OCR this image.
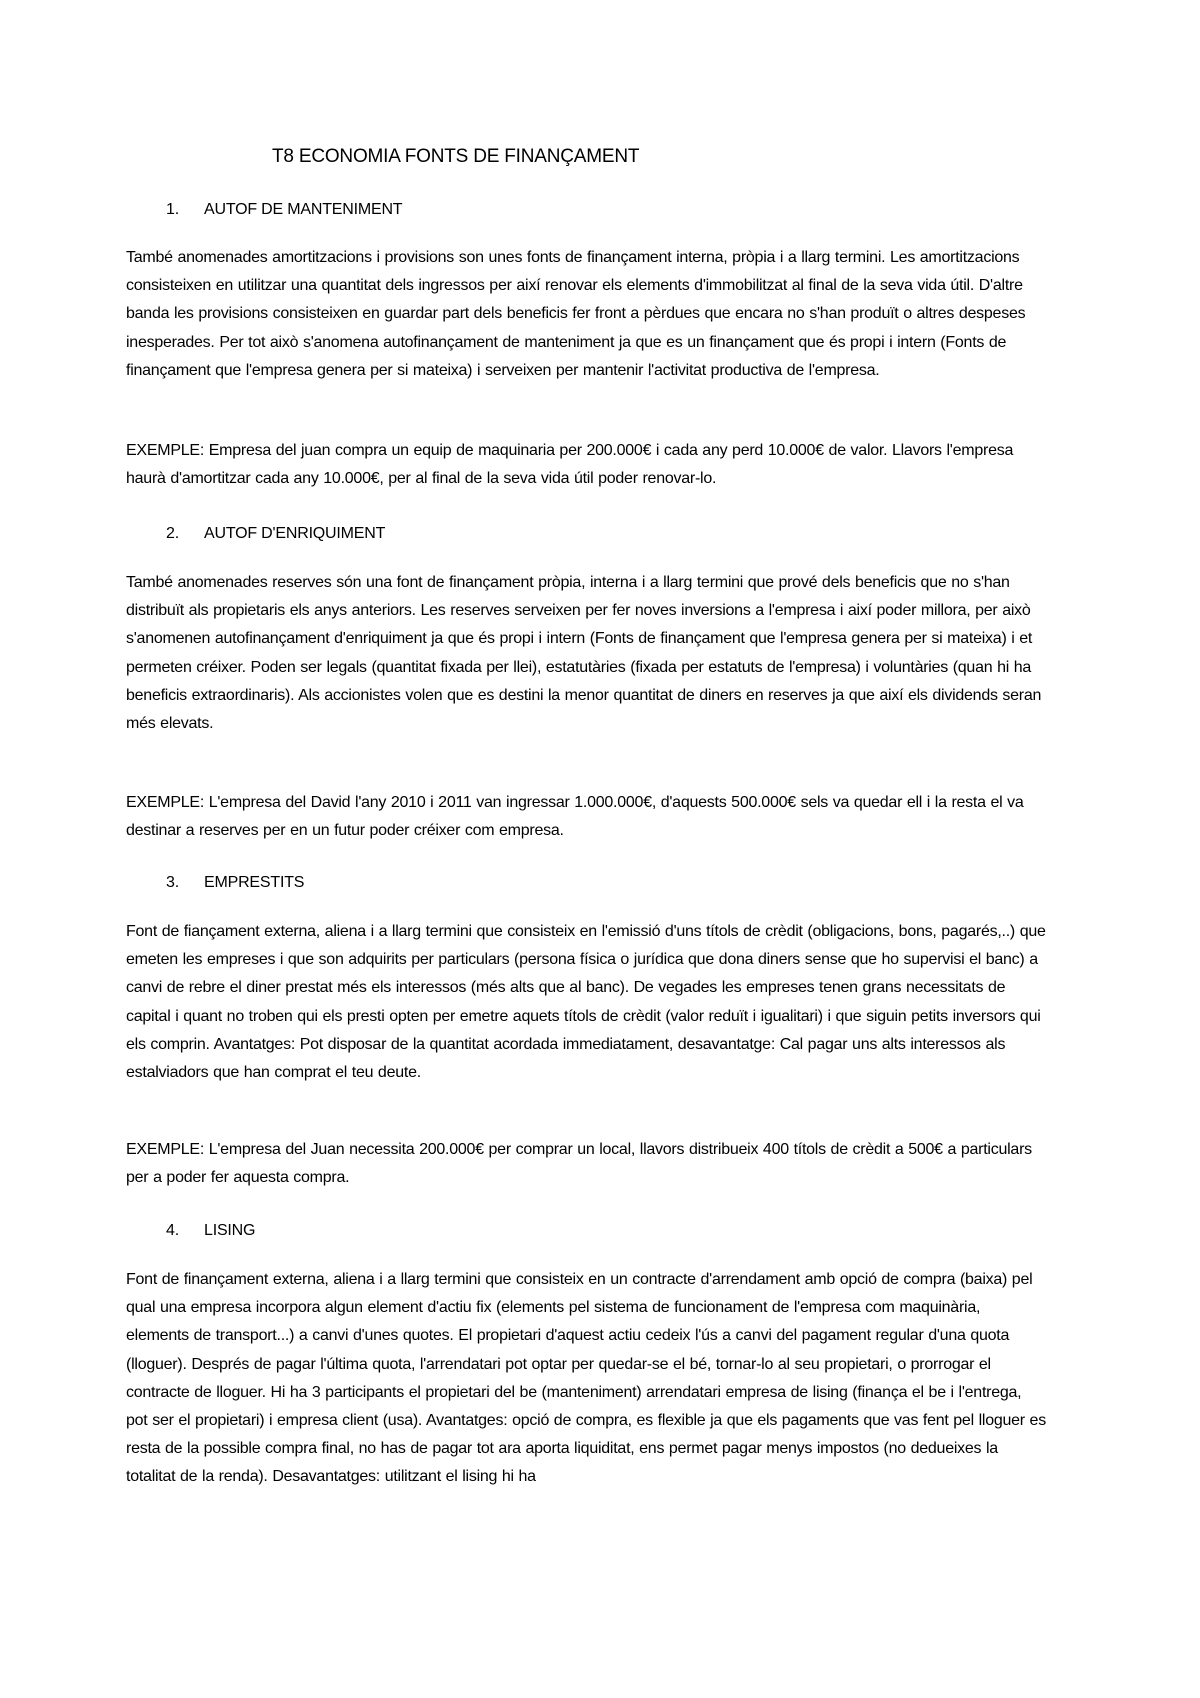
T8 ECONOMIA FONTS DE FINANÇAMENT
1. AUTOF DE MANTENIMENT

També anomenades amortitzacions i provisions son unes fonts de finançament interna, pròpia i a llarg termini. Les amortitzacions consisteixen en utilitzar una quantitat dels ingressos per així renovar els elements d'immobilitzat al final de la seva vida útil. D'altre banda les provisions consisteixen en guardar part dels beneficis fer front a pèrdues que encara no s'han produït o altres despeses inesperades. Per tot això s'anomena autofinançament de manteniment ja que es un finançament que és propi i intern (Fonts de finançament que l'empresa genera per si mateixa) i serveixen per mantenir l'activitat productiva de l'empresa.

EXEMPLE: Empresa del juan compra un equip de maquinaria per 200.000€ i cada any perd 10.000€ de valor. Llavors l'empresa haurà d'amortitzar cada any 10.000€, per al final de la seva vida útil poder renovar-lo.

2. AUTOF D'ENRIQUIMENT

També anomenades reserves són una font de finançament pròpia, interna i a llarg termini que prové dels beneficis que no s'han distribuït als propietaris els anys anteriors. Les reserves serveixen per fer noves inversions a l'empresa i així poder millora, per això s'anomenen autofinançament d'enriquiment ja que és propi i intern (Fonts de finançament que l'empresa genera per si mateixa) i et permeten créixer. Poden ser legals (quantitat fixada per llei), estatutàries (fixada per estatuts de l'empresa) i voluntàries (quan hi ha beneficis extraordinaris). Als accionistes volen que es destini la menor quantitat de diners en reserves ja que així els dividends seran més elevats.

EXEMPLE: L'empresa del David l'any 2010 i 2011 van ingressar 1.000.000€, d'aquests 500.000€ sels va quedar ell i la resta el va destinar a reserves per en un futur poder créixer com empresa.

3. EMPRESTITS

Font de fiançament externa, aliena i a llarg termini que consisteix en l'emissió d'uns títols de crèdit (obligacions, bons, pagarés,..) que emeten les empreses i que son adquirits per particulars (persona física o jurídica que dona diners sense que ho supervisi el banc) a canvi de rebre el diner prestat més els interessos (més alts que al banc). De vegades les empreses tenen grans necessitats de capital i quant no troben qui els presti opten per emetre aquets títols de crèdit (valor reduït i igualitari) i que siguin petits inversors qui els comprin. Avantatges: Pot disposar de la quantitat acordada immediatament, desavantatge: Cal pagar uns alts interessos als estalviadors que han comprat el teu deute.

EXEMPLE: L'empresa del Juan necessita 200.000€ per comprar un local, llavors distribueix 400 títols de crèdit a 500€ a particulars per a poder fer aquesta compra.

4. LISING

Font de finançament externa, aliena i a llarg termini que consisteix en un contracte d'arrendament amb opció de compra (baixa) pel qual una empresa incorpora algun element d'actiu fix (elements pel sistema de funcionament de l'empresa com maquinària, elements de transport...) a canvi d'unes quotes. El propietari d'aquest actiu cedeix l'ús a canvi del pagament regular d'una quota (lloguer). Després de pagar l'última quota, l'arrendatari pot optar per quedar-se el bé, tornar-lo al seu propietari, o prorrogar el contracte de lloguer. Hi ha 3 participants el propietari del be (manteniment) arrendatari empresa de lising (finança el be i l'entrega, pot ser el propietari) i empresa client (usa). Avantatges: opció de compra, es flexible ja que els pagaments que vas fent pel lloguer es resta de la possible compra final, no has de pagar tot ara aporta liquiditat, ens permet pagar menys impostos (no dedueixes la totalitat de la renda). Desavantatges: utilitzant el lising hi ha
